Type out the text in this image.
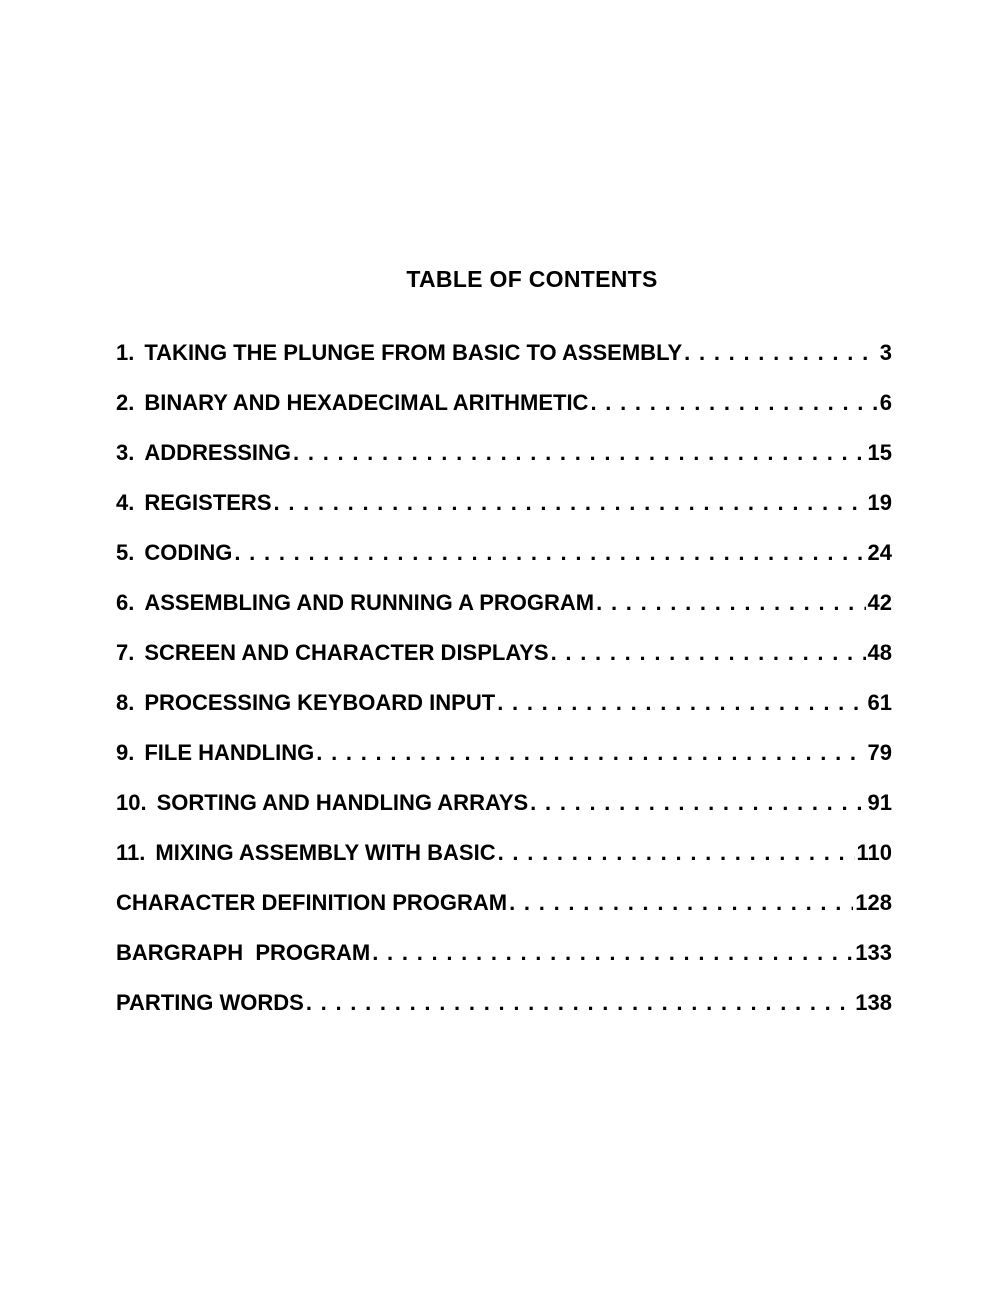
TABLE OF CONTENTS
1. TAKING THE PLUNGE FROM BASIC TO ASSEMBLY . . .	3
2. BINARY AND HEXADECIMAL ARITHMETIC . . .	6
3. ADDRESSING . . .	15
4. REGISTERS . . .	19
5. CODING . . .	24
6. ASSEMBLING AND RUNNING A PROGRAM . . .	42
7. SCREEN AND CHARACTER DISPLAYS . . .	48
8. PROCESSING KEYBOARD INPUT . . .	61
9. FILE HANDLING . . .	79
10. SORTING AND HANDLING ARRAYS . . .	91
11. MIXING ASSEMBLY WITH BASIC . . .	110
CHARACTER DEFINITION PROGRAM . . .	128
BARGRAPH  PROGRAM . . .	133
PARTING WORDS . . .	138
